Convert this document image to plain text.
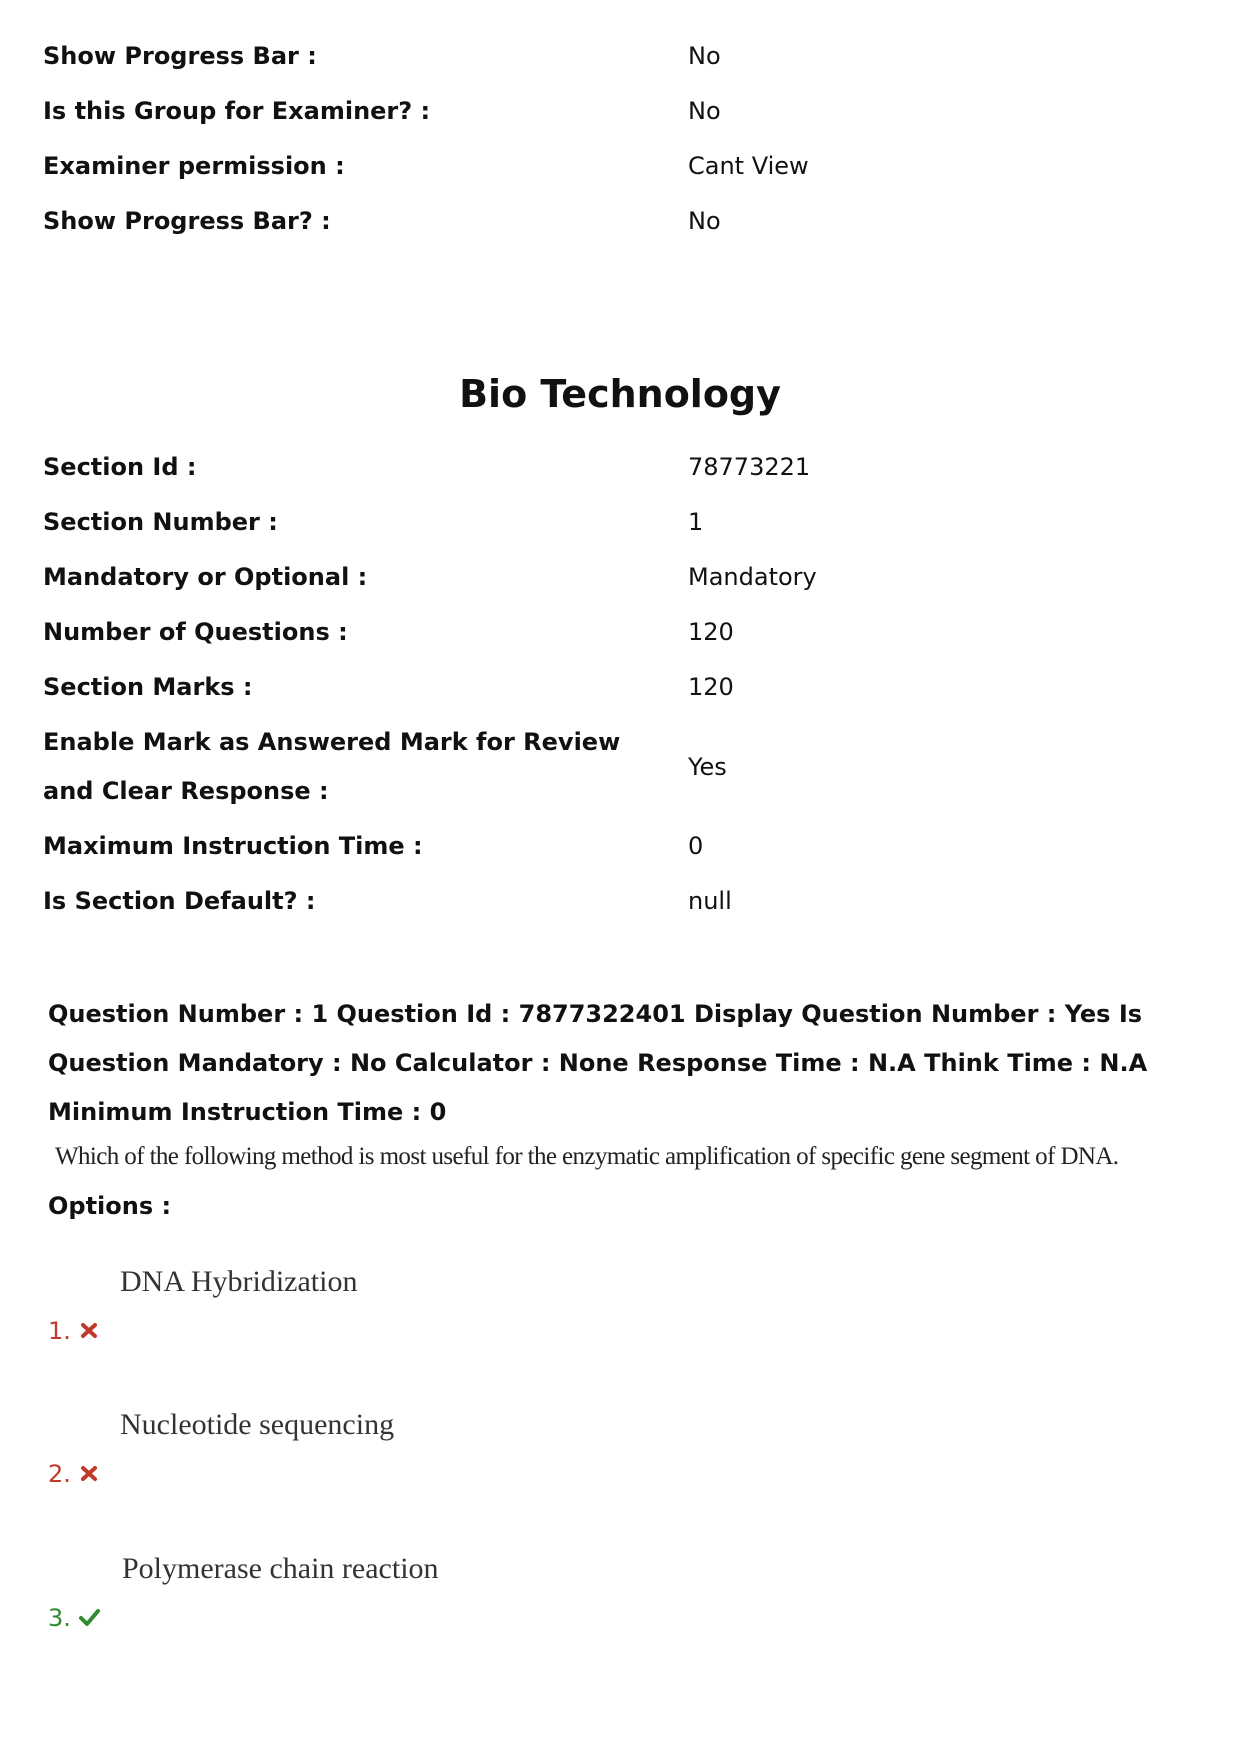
Show Progress Bar :	No
Is this Group for Examiner? :	No
Examiner permission :	Cant View
Show Progress Bar? :	No
Bio Technology
Section Id :	78773221
Section Number :	1
Mandatory or Optional :	Mandatory
Number of Questions :	120
Section Marks :	120
Enable Mark as Answered Mark for Review and Clear Response :
Yes
Maximum Instruction Time :	0
Is Section Default? :	null
Question Number : 1 Question Id : 7877322401 Display Question Number : Yes Is Question Mandatory : No Calculator : None Response Time : N.A Think Time : N.A Minimum Instruction Time : 0
Which of the following method is most useful for the enzymatic amplification of specific gene segment of DNA.
Options :
1.
DNA Hybridization
2.
Nucleotide sequencing
3.
Polymerase chain reaction
